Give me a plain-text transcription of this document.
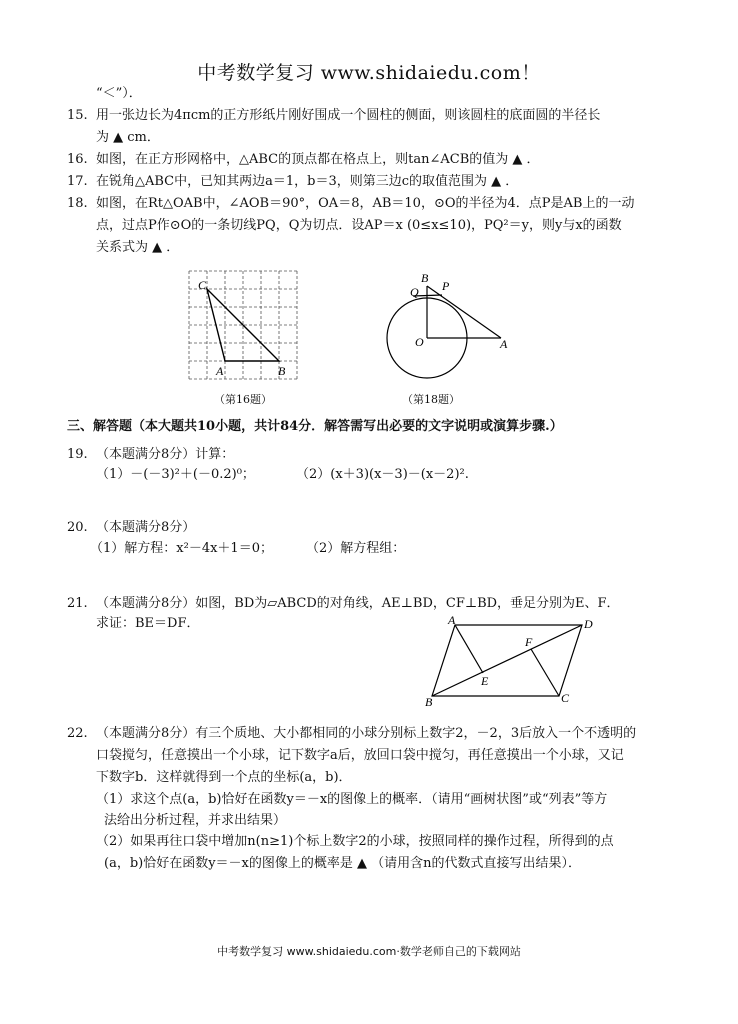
中考数学复习 www.shidaiedu.com！
“＜”）．
15. 用一张边长为4πcm的正方形纸片刚好围成一个圆柱的侧面，则该圆柱的底面圆的半径长
为 ▲ cm．
16. 如图，在正方形网格中，△ABC的顶点都在格点上，则tan∠ACB的值为 ▲ ．
17. 在锐角△ABC中，已知其两边a＝1，b＝3，则第三边c的取值范围为 ▲ ．
18. 如图，在Rt△OAB中，∠AOB＝90°，OA＝8，AB＝10，⊙O的半径为4．点P是AB上的一动
点，过点P作⊙O的一条切线PQ，Q为切点．设AP＝x (0≤x≤10)，PQ²＝y，则y与x的函数
关系式为 ▲ ．
C
A	B
（第16题）
B
Q P
O	A
（第18题）
三、解答题（本大题共10小题，共计84分．解答需写出必要的文字说明或演算步骤.）
19. （本题满分8分）计算：
（1）－(－3)²＋(－0.2)⁰；	（2）(x＋3)(x－3)－(x－2)².
20. （本题满分8分）
（1）解方程：x²－4x＋1＝0；	（2）解方程组：
21. （本题满分8分）如图，BD为▱ABCD的对角线，AE⊥BD，CF⊥BD，垂足分别为E、F．
求证：BE＝DF．	A	D
F
E
B	C
22. （本题满分8分）有三个质地、大小都相同的小球分别标上数字2，－2，3后放入一个不透明的
口袋搅匀，任意摸出一个小球，记下数字a后，放回口袋中搅匀，再任意摸出一个小球，又记
下数字b．这样就得到一个点的坐标(a，b)．
（1）求这个点(a，b)恰好在函数y＝－x的图像上的概率．（请用“画树状图”或“列表”等方
法给出分析过程，并求出结果）
（2）如果再往口袋中增加n(n≥1)个标上数字2的小球，按照同样的操作过程，所得到的点
(a，b)恰好在函数y＝－x的图像上的概率是 ▲ （请用含n的代数式直接写出结果）．
中考数学复习 www.shidaiedu.com·数学老师自己的下载网站
